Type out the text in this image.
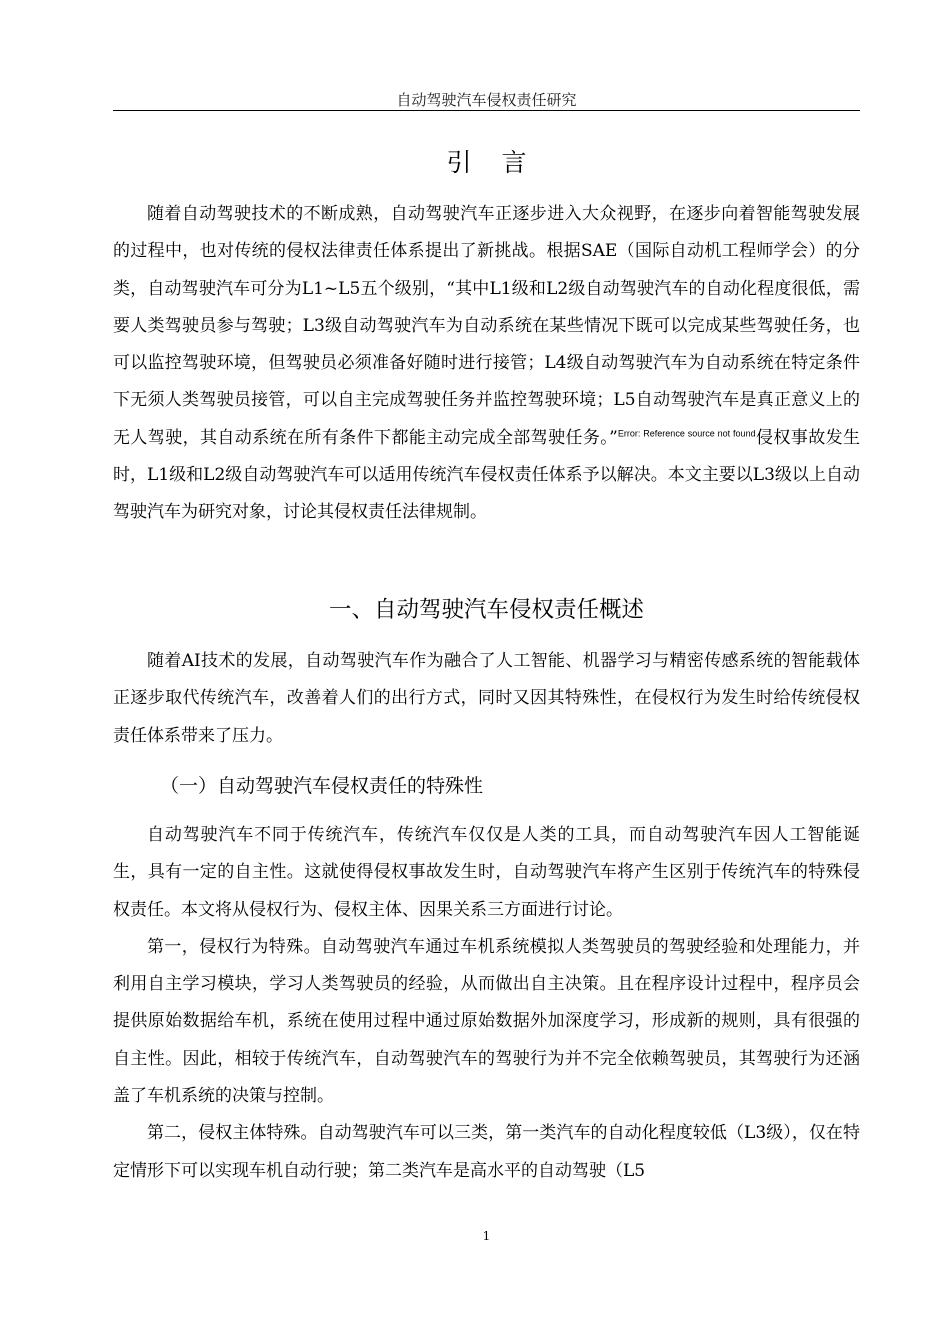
自动驾驶汽车侵权责任研究
引言

随着自动驾驶技术的不断成熟，自动驾驶汽车正逐步进入大众视野，在逐步向着智能驾驶发展的过程中，也对传统的侵权法律责任体系提出了新挑战。根据SAE（国际自动机工程师学会）的分类，自动驾驶汽车可分为L1~L5五个级别，“其中L1级和L2级自动驾驶汽车的自动化程度很低，需要人类驾驶员参与驾驶；L3级自动驾驶汽车为自动系统在某些情况下既可以完成某些驾驶任务，也可以监控驾驶环境，但驾驶员必须准备好随时进行接管；L4级自动驾驶汽车为自动系统在特定条件下无须人类驾驶员接管，可以自主完成驾驶任务并监控驾驶环境；L5自动驾驶汽车是真正意义上的无人驾驶，其自动系统在所有条件下都能主动完成全部驾驶任务。”$^{Error: Reference source not found}$侵权事故发生时，L1级和L2级自动驾驶汽车可以适用传统汽车侵权责任体系予以解决。本文主要以L3级以上自动驾驶汽车为研究对象，讨论其侵权责任法律规制。

一、自动驾驶汽车侵权责任概述

随着AI技术的发展，自动驾驶汽车作为融合了人工智能、机器学习与精密传感系统的智能载体正逐步取代传统汽车，改善着人们的出行方式，同时又因其特殊性，在侵权行为发生时给传统侵权责任体系带来了压力。

（一）自动驾驶汽车侵权责任的特殊性

自动驾驶汽车不同于传统汽车，传统汽车仅仅是人类的工具，而自动驾驶汽车因人工智能诞生，具有一定的自主性。这就使得侵权事故发生时，自动驾驶汽车将产生区别于传统汽车的特殊侵权责任。本文将从侵权行为、侵权主体、因果关系三方面进行讨论。

第一，侵权行为特殊。自动驾驶汽车通过车机系统模拟人类驾驶员的驾驶经验和处理能力，并利用自主学习模块，学习人类驾驶员的经验，从而做出自主决策。且在程序设计过程中，程序员会提供原始数据给车机，系统在使用过程中通过原始数据外加深度学习，形成新的规则，具有很强的自主性。因此，相较于传统汽车，自动驾驶汽车的驾驶行为并不完全依赖驾驶员，其驾驶行为还涵盖了车机系统的决策与控制。

第二，侵权主体特殊。自动驾驶汽车可以三类，第一类汽车的自动化程度较低（L3级），仅在特定情形下可以实现车机自动行驶；第二类汽车是高水平的自动驾驶（L5

1
